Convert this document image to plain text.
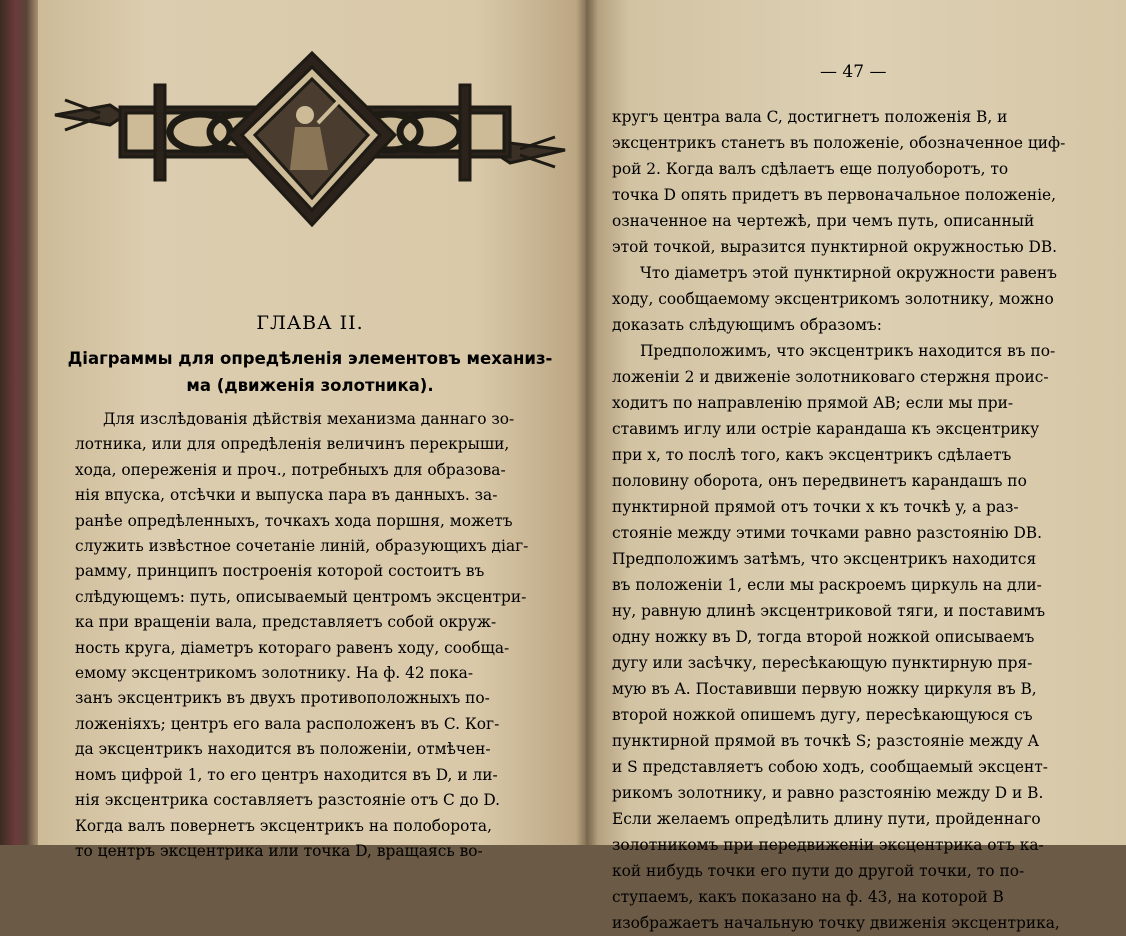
ГЛАВА II.
Діаграммы для опредѣленія элементовъ механиз-
ма (движенія золотника).
Для изслѣдованія дѣйствія механизма даннаго зо-
лотника, или для опредѣленія величинъ перекрыши,
хода, опереженія и проч., потребныхъ для образова-
нія впуска, отсѣчки и выпуска пара въ данныхъ. за-
ранѣе опредѣленныхъ, точкахъ хода поршня, можетъ
служить извѣстное сочетаніе линій, образующихъ діаг-
рамму, принципъ построенія которой состоитъ въ
слѣдующемъ: путь, описываемый центромъ эксцентри-
ка при вращеніи вала, представляетъ собой окруж-
ность круга, діаметръ котораго равенъ ходу, сообща-
емому эксцентрикомъ золотнику. На ф. 42 пока-
занъ эксцентрикъ въ двухъ противоположныхъ по-
ложеніяхъ; центръ его вала расположенъ въ C. Ког-
да эксцентрикъ находится въ положеніи, отмѣчен-
номъ цифрой 1, то его центръ находится въ D, и ли-
нія эксцентрика составляетъ разстояніе отъ C до D.
Когда валъ повернетъ эксцентрикъ на полоборота,
то центръ эксцентрика или точка D, вращаясь во-
— 47 —
кругъ центра вала C, достигнетъ положенія B, и
эксцентрикъ станетъ въ положеніе, обозначенное циф-
рой 2. Когда валъ сдѣлаетъ еще полуоборотъ, то
точка D опять придетъ въ первоначальное положеніе,
означенное на чертежѣ, при чемъ путь, описанный
этой точкой, выразится пунктирной окружностью DB.
Что діаметръ этой пунктирной окружности равенъ
ходу, сообщаемому эксцентрикомъ золотнику, можно
доказать слѣдующимъ образомъ:
Предположимъ, что эксцентрикъ находится въ по-
ложеніи 2 и движеніе золотниковаго стержня проис-
ходитъ по направленію прямой AB; если мы при-
ставимъ иглу или остріе карандаша къ эксцентрику
при x, то послѣ того, какъ эксцентрикъ сдѣлаетъ
половину оборота, онъ передвинетъ карандашъ по
пунктирной прямой отъ точки x къ точкѣ y, а раз-
стояніе между этими точками равно разстоянію DB.
Предположимъ затѣмъ, что эксцентрикъ находится
въ положеніи 1, если мы раскроемъ циркуль на дли-
ну, равную длинѣ эксцентриковой тяги, и поставимъ
одну ножку въ D, тогда второй ножкой описываемъ
дугу или засѣчку, пересѣкающую пунктирную пря-
мую въ A. Поставивши первую ножку циркуля въ B,
второй ножкой опишемъ дугу, пересѣкающуюся съ
пунктирной прямой въ точкѣ S; разстояніе между A
и S представляетъ собою ходъ, сообщаемый эксцент-
рикомъ золотнику, и равно разстоянію между D и B.
Если желаемъ опредѣлить длину пути, пройденнаго
золотникомъ при передвиженіи эксцентрика отъ ка-
кой нибудь точки его пути до другой точки, то по-
ступаемъ, какъ показано на ф. 43, на которой B
изображаетъ начальную точку движенія эксцентрика,
